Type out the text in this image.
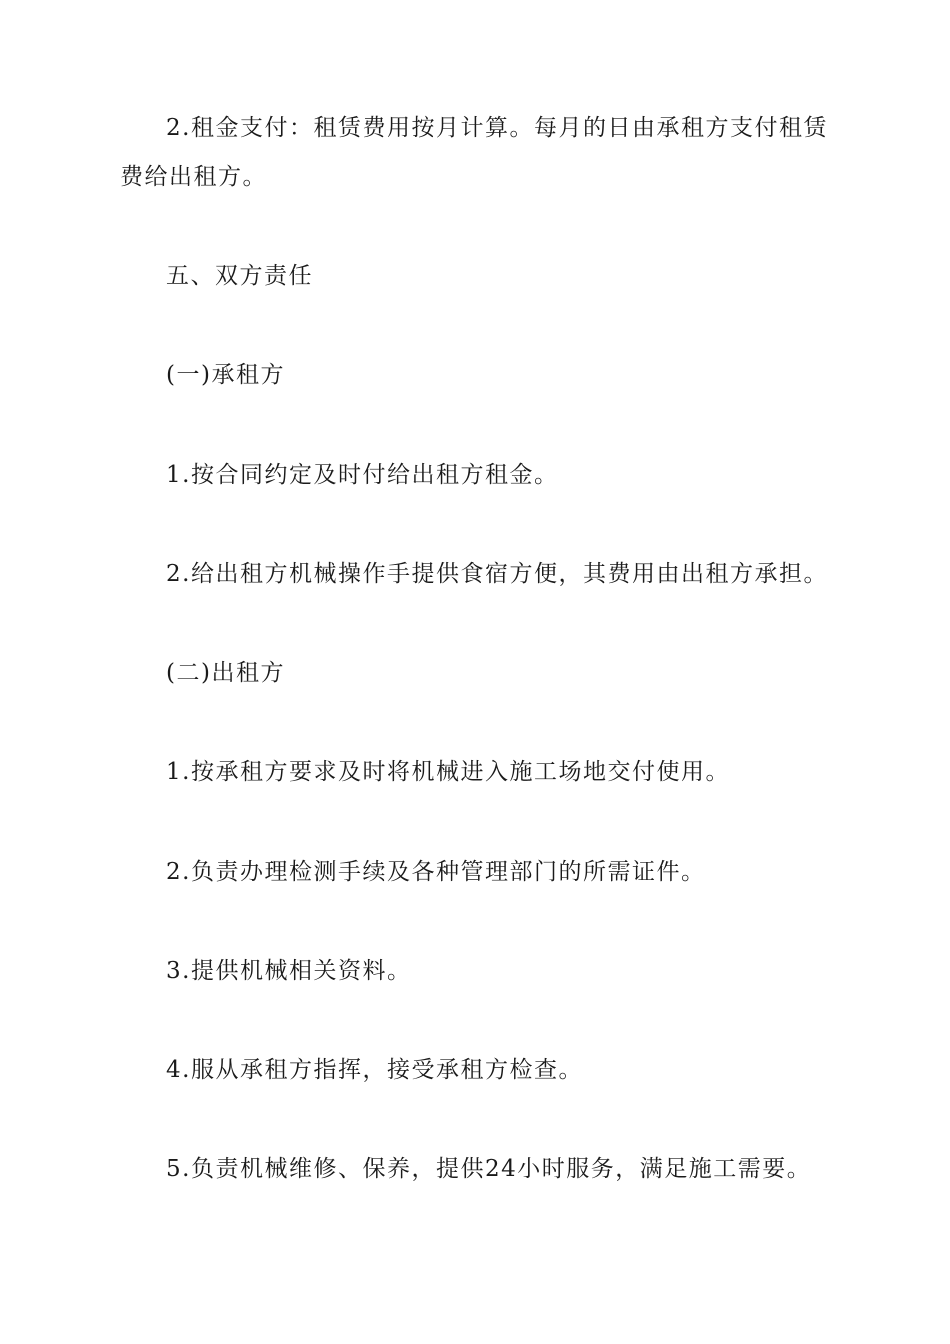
2.租金支付：租赁费用按月计算。每月的日由承租方支付租赁费给出租方。

五、双方责任

(一)承租方

1.按合同约定及时付给出租方租金。

2.给出租方机械操作手提供食宿方便，其费用由出租方承担。

(二)出租方

1.按承租方要求及时将机械进入施工场地交付使用。

2.负责办理检测手续及各种管理部门的所需证件。

3.提供机械相关资料。

4.服从承租方指挥，接受承租方检查。

5.负责机械维修、保养，提供24小时服务，满足施工需要。
